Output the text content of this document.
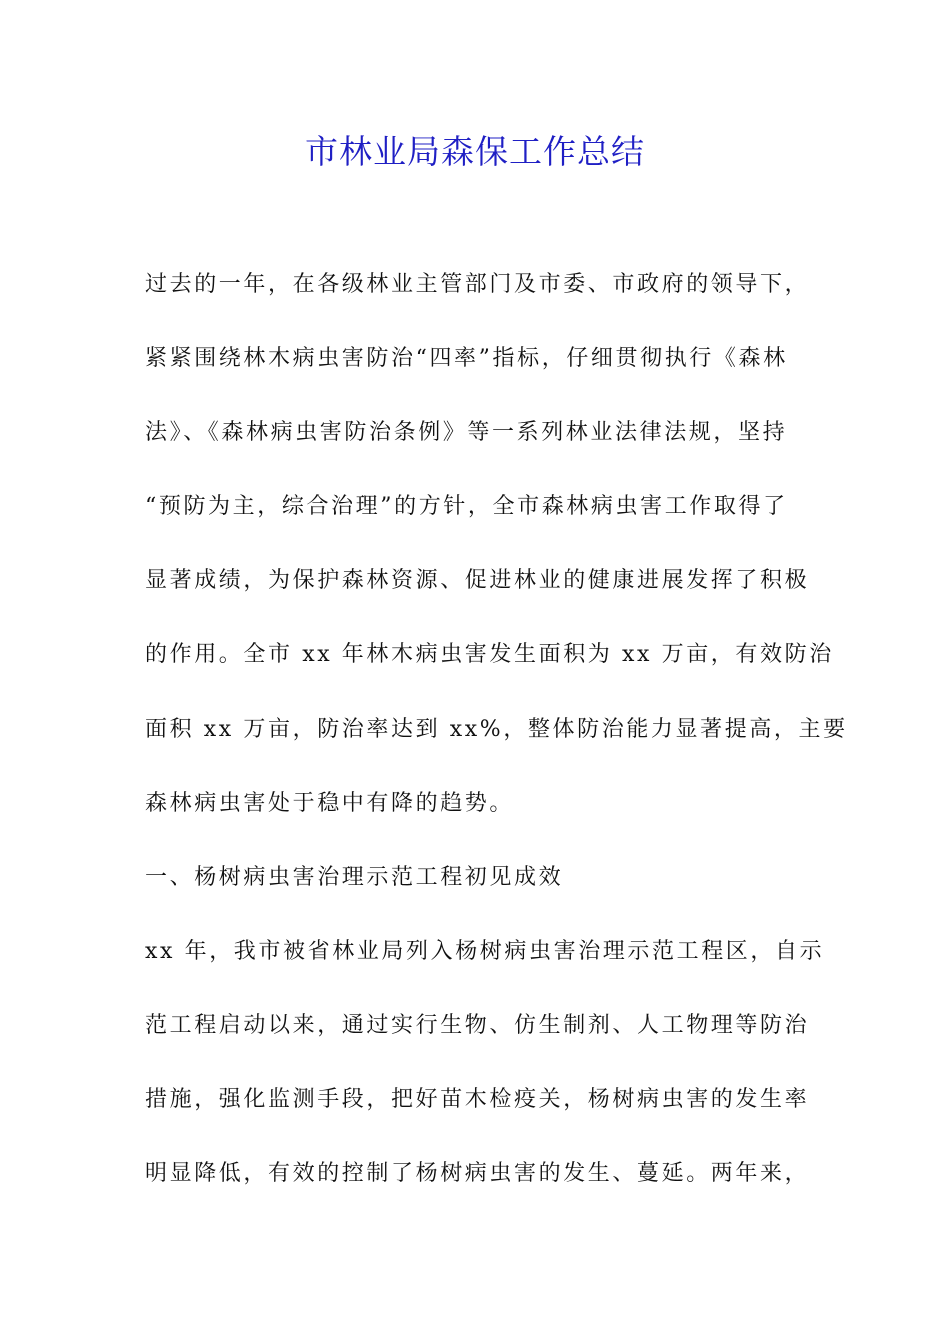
市林业局森保工作总结
过去的一年，在各级林业主管部门及市委、市政府的领导下，
紧紧围绕林木病虫害防治“四率”指标，仔细贯彻执行《森林
法》、《森林病虫害防治条例》等一系列林业法律法规，坚持
“预防为主，综合治理”的方针，全市森林病虫害工作取得了
显著成绩，为保护森林资源、促进林业的健康进展发挥了积极
的作用。全市 xx 年林木病虫害发生面积为 xx 万亩，有效防治
面积 xx 万亩，防治率达到 xx%，整体防治能力显著提高，主要
森林病虫害处于稳中有降的趋势。
一、杨树病虫害治理示范工程初见成效
xx 年，我市被省林业局列入杨树病虫害治理示范工程区，自示
范工程启动以来，通过实行生物、仿生制剂、人工物理等防治
措施，强化监测手段，把好苗木检疫关，杨树病虫害的发生率
明显降低，有效的控制了杨树病虫害的发生、蔓延。两年来，
